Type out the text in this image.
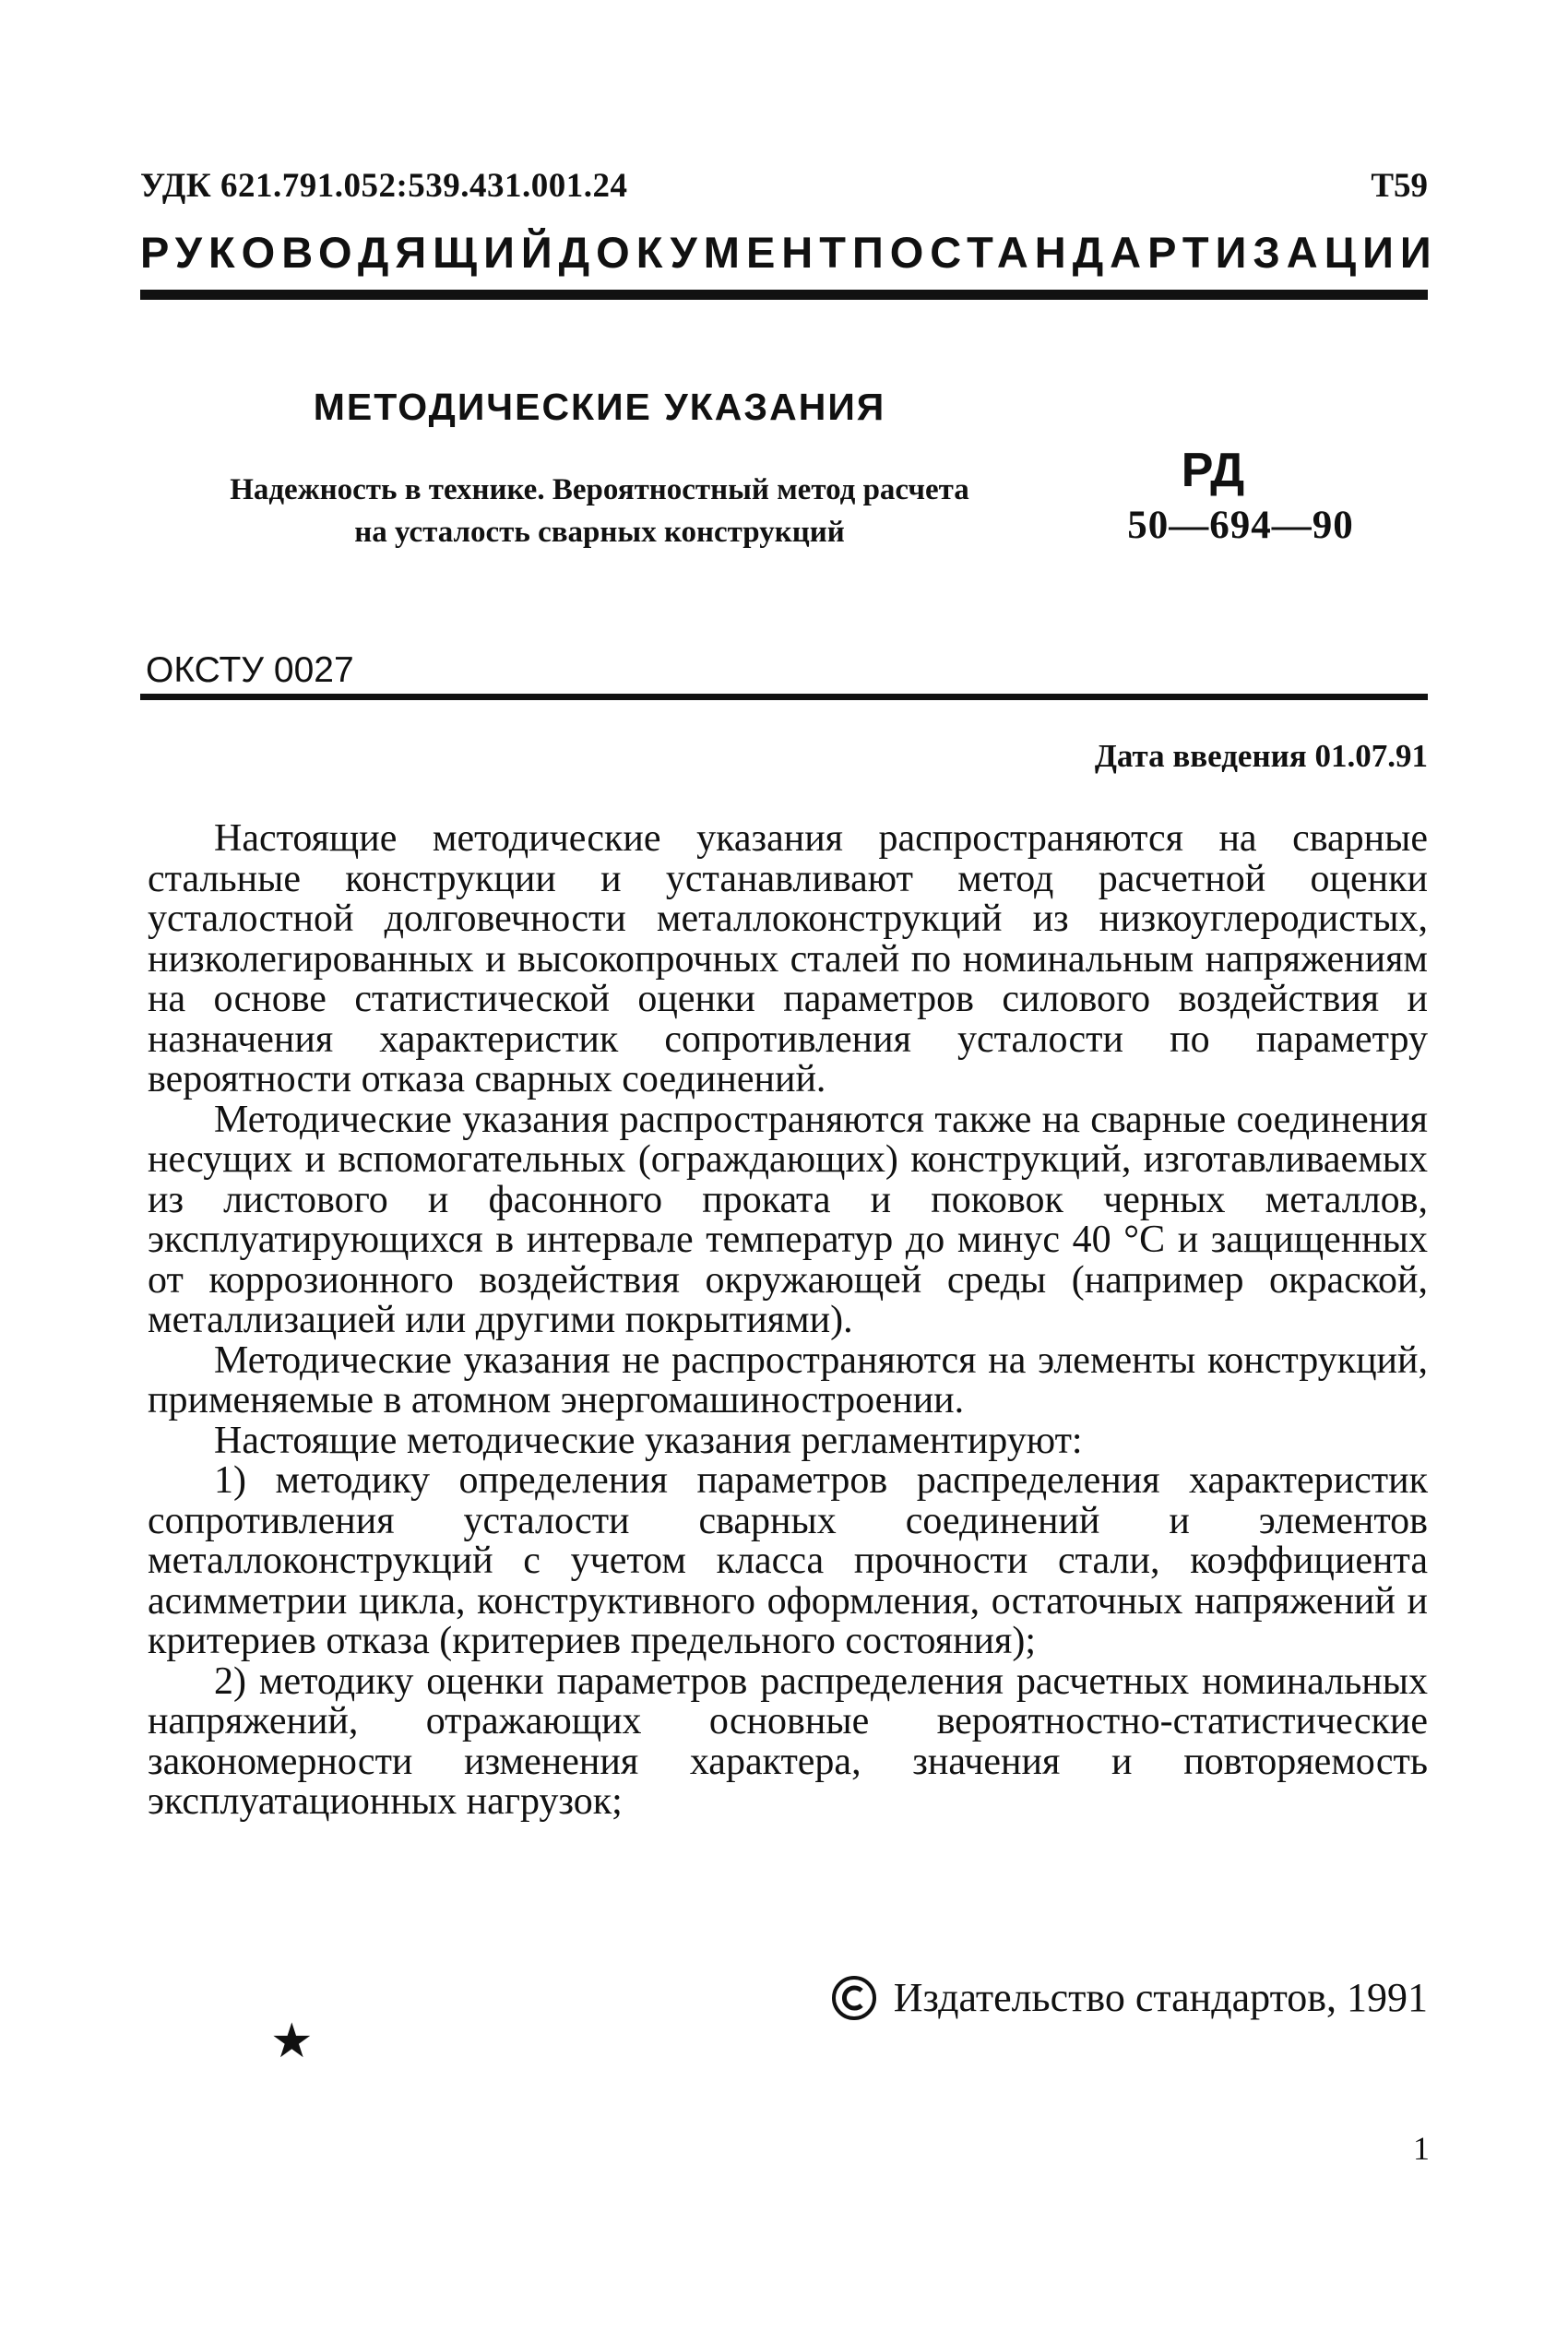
УДК 621.791.052:539.431.001.24	Т59
РУКОВОДЯЩИЙ ДОКУМЕНТ ПО СТАНДАРТИЗАЦИИ
МЕТОДИЧЕСКИЕ УКАЗАНИЯ
Надежность в технике. Вероятностный метод расчета
на усталость сварных конструкций
РД
50—694—90
ОКСТУ 0027
Дата введения 01.07.91

Настоящие методические указания распространяются на сварные стальные конструкции и устанавливают метод расчетной оценки усталостной долговечности металлоконструкций из низкоуглеродистых, низколегированных и высокопрочных сталей по номинальным напряжениям на основе статистической оценки параметров силового воздействия и назначения характеристик сопротивления усталости по параметру вероятности отказа сварных соединений.

Методические указания распространяются также на сварные соединения несущих и вспомогательных (ограждающих) конструкций, изготавливаемых из листового и фасонного проката и поковок черных металлов, эксплуатирующихся в интервале температур до минус 40 °С и защищенных от коррозионного воздействия окружающей среды (например окраской, металлизацией или другими покрытиями).

Методические указания не распространяются на элементы конструкций, применяемые в атомном энергомашиностроении.

Настоящие методические указания регламентируют:

1) методику определения параметров распределения характеристик сопротивления усталости сварных соединений и элементов металлоконструкций с учетом класса прочности стали, коэффициента асимметрии цикла, конструктивного оформления, остаточных напряжений и критериев отказа (критериев предельного состояния);

2) методику оценки параметров распределения расчетных номинальных напряжений, отражающих основные вероятностно-статистические закономерности изменения характера, значения и повторяемость эксплуатационных нагрузок;

Издательство стандартов, 1991
★
1
